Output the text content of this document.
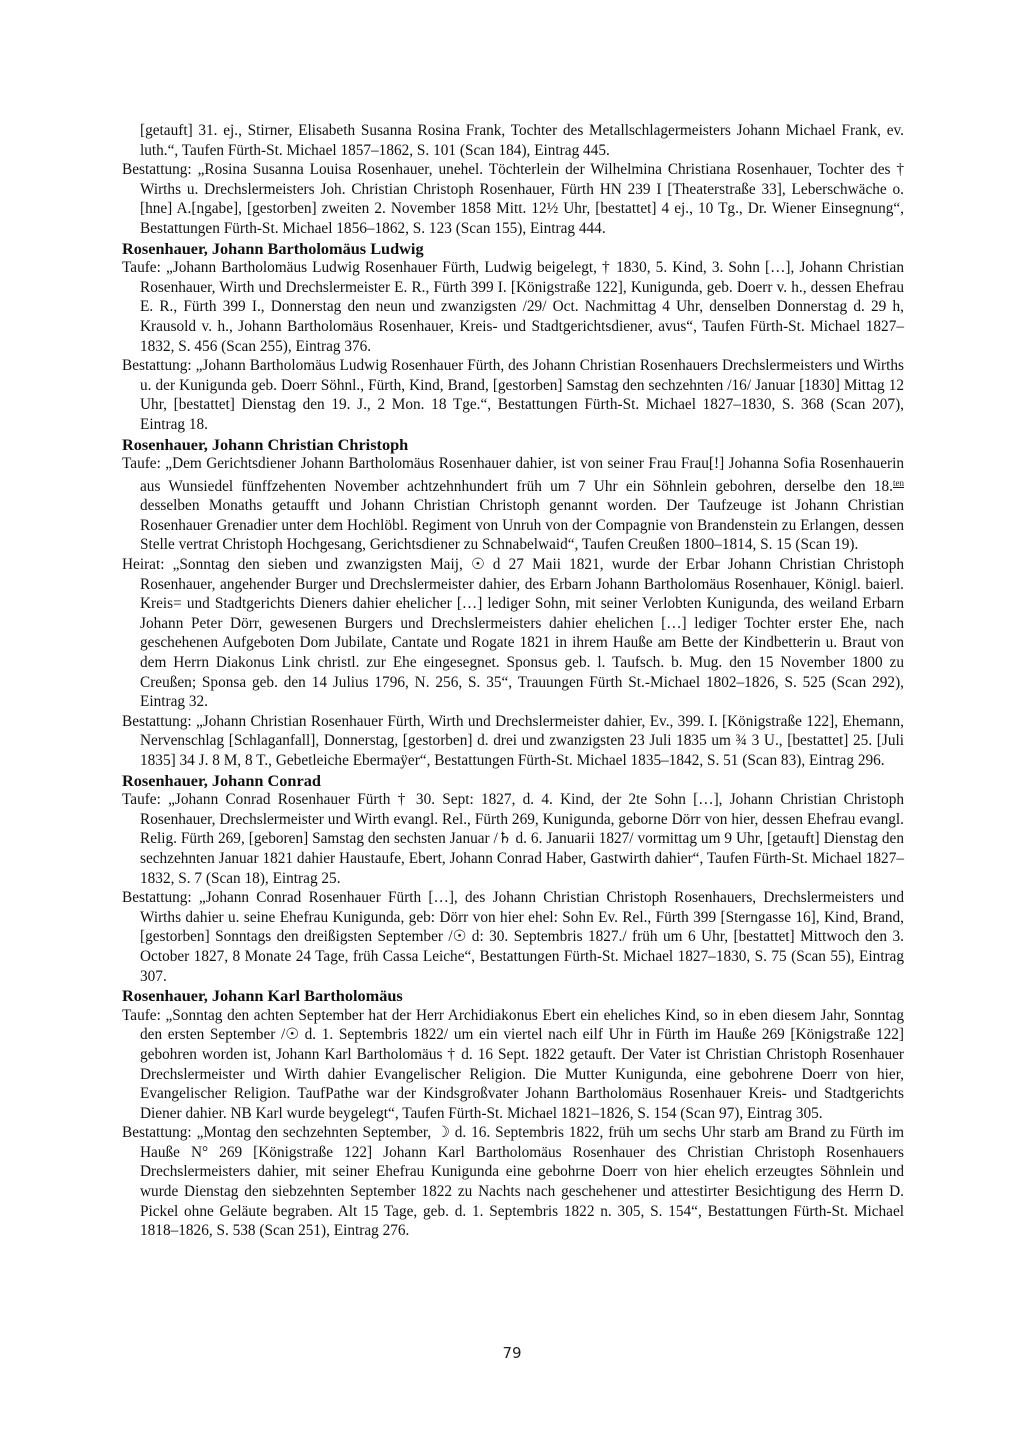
[getauft] 31. ej., Stirner, Elisabeth Susanna Rosina Frank, Tochter des Metallschlagermeisters Johann Michael Frank, ev. luth.“, Taufen Fürth-St. Michael 1857–1862, S. 101 (Scan 184), Eintrag 445.

Bestattung: „Rosina Susanna Louisa Rosenhauer, unehel. Töchterlein der Wilhelmina Christiana Rosenhauer, Tochter des † Wirths u. Drechslermeisters Joh. Christian Christoph Rosenhauer, Fürth HN 239 I [Theaterstraße 33], Leberschwäche o.[hne] A.[ngabe], [gestorben] zweiten 2. November 1858 Mitt. 12½ Uhr, [bestattet] 4 ej., 10 Tg., Dr. Wiener Einsegnung“, Bestattungen Fürth-St. Michael 1856–1862, S. 123 (Scan 155), Eintrag 444.

Rosenhauer, Johann Bartholomäus Ludwig

Taufe: „Johann Bartholomäus Ludwig Rosenhauer Fürth, Ludwig beigelegt, † 1830, 5. Kind, 3. Sohn […], Johann Christian Rosenhauer, Wirth und Drechslermeister E. R., Fürth 399 I. [Königstraße 122], Kunigunda, geb. Doerr v. h., dessen Ehefrau E. R., Fürth 399 I., Donnerstag den neun und zwanzigsten /29/ Oct. Nachmittag 4 Uhr, denselben Donnerstag d. 29 h, Krausold v. h., Johann Bartholomäus Rosenhauer, Kreis- und Stadtgerichtsdiener, avus“, Taufen Fürth-St. Michael 1827–1832, S. 456 (Scan 255), Eintrag 376.

Bestattung: „Johann Bartholomäus Ludwig Rosenhauer Fürth, des Johann Christian Rosenhauers Drechslermeisters und Wirths u. der Kunigunda geb. Doerr Söhnl., Fürth, Kind, Brand, [gestorben] Samstag den sechzehnten /16/ Januar [1830] Mittag 12 Uhr, [bestattet] Dienstag den 19. J., 2 Mon. 18 Tge.“, Bestattungen Fürth-St. Michael 1827–1830, S. 368 (Scan 207), Eintrag 18.

Rosenhauer, Johann Christian Christoph

Taufe: „Dem Gerichtsdiener Johann Bartholomäus Rosenhauer dahier, ist von seiner Frau Frau[!] Johanna Sofia Rosenhauerin aus Wunsiedel fünffzehenten November achtzehnhundert früh um 7 Uhr ein Söhnlein gebohren, derselbe den 18.$^{ten}$ desselben Monaths getaufft und Johann Christian Christoph genannt worden. Der Taufzeuge ist Johann Christian Rosenhauer Grenadier unter dem Hochlöbl. Regiment von Unruh von der Compagnie von Brandenstein zu Erlangen, dessen Stelle vertrat Christoph Hochgesang, Gerichtsdiener zu Schnabelwaid“, Taufen Creußen 1800–1814, S. 15 (Scan 19).

Heirat: „Sonntag den sieben und zwanzigsten Maij, ☉ d 27 Maii 1821, wurde der Erbar Johann Christian Christoph Rosenhauer, angehender Burger und Drechslermeister dahier, des Erbarn Johann Bartholomäus Rosenhauer, Königl. baierl. Kreis= und Stadtgerichts Dieners dahier ehelicher […] lediger Sohn, mit seiner Verlobten Kunigunda, des weiland Erbarn Johann Peter Dörr, gewesenen Burgers und Drechslermeisters dahier ehelichen […] lediger Tochter erster Ehe, nach geschehenen Aufgeboten Dom Jubilate, Cantate und Rogate 1821 in ihrem Hauße am Bette der Kindbetterin u. Braut von dem Herrn Diakonus Link christl. zur Ehe eingesegnet. Sponsus geb. l. Taufsch. b. Mug. den 15 November 1800 zu Creußen; Sponsa geb. den 14 Julius 1796, N. 256, S. 35“, Trauungen Fürth St.-Michael 1802–1826, S. 525 (Scan 292), Eintrag 32.

Bestattung: „Johann Christian Rosenhauer Fürth, Wirth und Drechslermeister dahier, Ev., 399. I. [Königstraße 122], Ehemann, Nervenschlag [Schlaganfall], Donnerstag, [gestorben] d. drei und zwanzigsten 23 Juli 1835 um ¾ 3 U., [bestattet] 25. [Juli 1835] 34 J. 8 M, 8 T., Gebetleiche Ebermaÿer“, Bestattungen Fürth-St. Michael 1835–1842, S. 51 (Scan 83), Eintrag 296.

Rosenhauer, Johann Conrad

Taufe: „Johann Conrad Rosenhauer Fürth † 30. Sept: 1827, d. 4. Kind, der 2te Sohn […], Johann Christian Christoph Rosenhauer, Drechslermeister und Wirth evangl. Rel., Fürth 269, Kunigunda, geborne Dörr von hier, dessen Ehefrau evangl. Relig. Fürth 269, [geboren] Samstag den sechsten Januar /♄ d. 6. Januarii 1827/ vormittag um 9 Uhr, [getauft] Dienstag den sechzehnten Januar 1821 dahier Haustaufe, Ebert, Johann Conrad Haber, Gastwirth dahier“, Taufen Fürth-St. Michael 1827–1832, S. 7 (Scan 18), Eintrag 25.

Bestattung: „Johann Conrad Rosenhauer Fürth […], des Johann Christian Christoph Rosenhauers, Drechslermeisters und Wirths dahier u. seine Ehefrau Kunigunda, geb: Dörr von hier ehel: Sohn Ev. Rel., Fürth 399 [Sterngasse 16], Kind, Brand, [gestorben] Sonntags den dreißigsten September /☉ d: 30. Septembris 1827./ früh um 6 Uhr, [bestattet] Mittwoch den 3. October 1827, 8 Monate 24 Tage, früh Cassa Leiche“, Bestattungen Fürth-St. Michael 1827–1830, S. 75 (Scan 55), Eintrag 307.

Rosenhauer, Johann Karl Bartholomäus

Taufe: „Sonntag den achten September hat der Herr Archidiakonus Ebert ein eheliches Kind, so in eben diesem Jahr, Sonntag den ersten September /☉ d. 1. Septembris 1822/ um ein viertel nach eilf Uhr in Fürth im Hauße 269 [Königstraße 122] gebohren worden ist, Johann Karl Bartholomäus † d. 16 Sept. 1822 getauft. Der Vater ist Christian Christoph Rosenhauer Drechslermeister und Wirth dahier Evangelischer Religion. Die Mutter Kunigunda, eine gebohrene Doerr von hier, Evangelischer Religion. TaufPathe war der Kindsgroßvater Johann Bartholomäus Rosenhauer Kreis- und Stadtgerichts Diener dahier. NB Karl wurde beygelegt“, Taufen Fürth-St. Michael 1821–1826, S. 154 (Scan 97), Eintrag 305.

Bestattung: „Montag den sechzehnten September, ☽ d. 16. Septembris 1822, früh um sechs Uhr starb am Brand zu Fürth im Hauße N° 269 [Königstraße 122] Johann Karl Bartholomäus Rosenhauer des Christian Christoph Rosenhauers Drechslermeisters dahier, mit seiner Ehefrau Kunigunda eine gebohrne Doerr von hier ehelich erzeugtes Söhnlein und wurde Dienstag den siebzehnten September 1822 zu Nachts nach geschehener und attestirter Besichtigung des Herrn D. Pickel ohne Geläute begraben. Alt 15 Tage, geb. d. 1. Septembris 1822 n. 305, S. 154“, Bestattungen Fürth-St. Michael 1818–1826, S. 538 (Scan 251), Eintrag 276.

79
